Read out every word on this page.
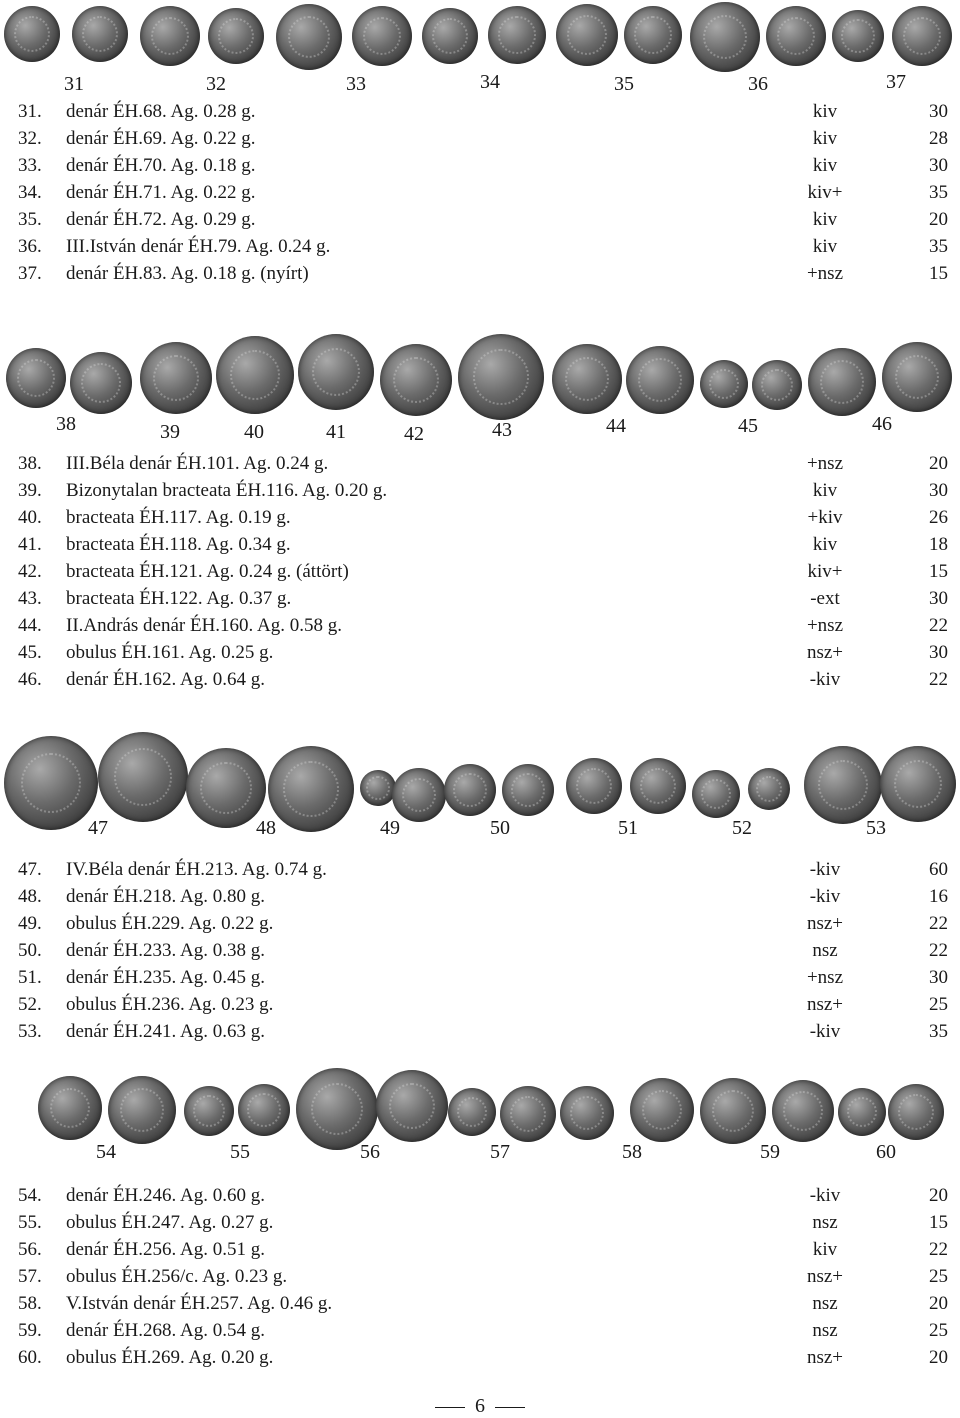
31	32	33	34	35	36	37
31. denár ÉH.68. Ag. 0.28 g.	kiv	30
32. denár ÉH.69. Ag. 0.22 g.	kiv	28
33. denár ÉH.70. Ag. 0.18 g.	kiv	30
34. denár ÉH.71. Ag. 0.22 g.	kiv+	35
35. denár ÉH.72. Ag. 0.29 g.	kiv	20
36. III.István denár ÉH.79. Ag. 0.24 g.	kiv	35
37. denár ÉH.83. Ag. 0.18 g. (nyírt)	+nsz	15
38	39	40	41	42	43	44	45	46
38. III.Béla denár ÉH.101. Ag. 0.24 g.	+nsz	20
39. Bizonytalan bracteata ÉH.116. Ag. 0.20 g.	kiv	30
40. bracteata ÉH.117. Ag. 0.19 g.	+kiv	26
41. bracteata ÉH.118. Ag. 0.34 g.	kiv	18
42. bracteata ÉH.121. Ag. 0.24 g. (áttört)	kiv+	15
43. bracteata ÉH.122. Ag. 0.37 g.	-ext	30
44. II.András denár ÉH.160. Ag. 0.58 g.	+nsz	22
45. obulus ÉH.161. Ag. 0.25 g.	nsz+	30
46. denár ÉH.162. Ag. 0.64 g.	-kiv	22
47	48	49	50	51	52	53
47. IV.Béla denár ÉH.213. Ag. 0.74 g.	-kiv	60
48. denár ÉH.218. Ag. 0.80 g.	-kiv	16
49. obulus ÉH.229. Ag. 0.22 g.	nsz+	22
50. denár ÉH.233. Ag. 0.38 g.	nsz	22
51. denár ÉH.235. Ag. 0.45 g.	+nsz	30
52. obulus ÉH.236. Ag. 0.23 g.	nsz+	25
53. denár ÉH.241. Ag. 0.63 g.	-kiv	35
54	55	56	57	58	59	60
54. denár ÉH.246. Ag. 0.60 g.	-kiv	20
55. obulus ÉH.247. Ag. 0.27 g.	nsz	15
56. denár ÉH.256. Ag. 0.51 g.	kiv	22
57. obulus ÉH.256/c. Ag. 0.23 g.	nsz+	25
58. V.István denár ÉH.257. Ag. 0.46 g.	nsz	20
59. denár ÉH.268. Ag. 0.54 g.	nsz	25
60. obulus ÉH.269. Ag. 0.20 g.	nsz+	20
6
